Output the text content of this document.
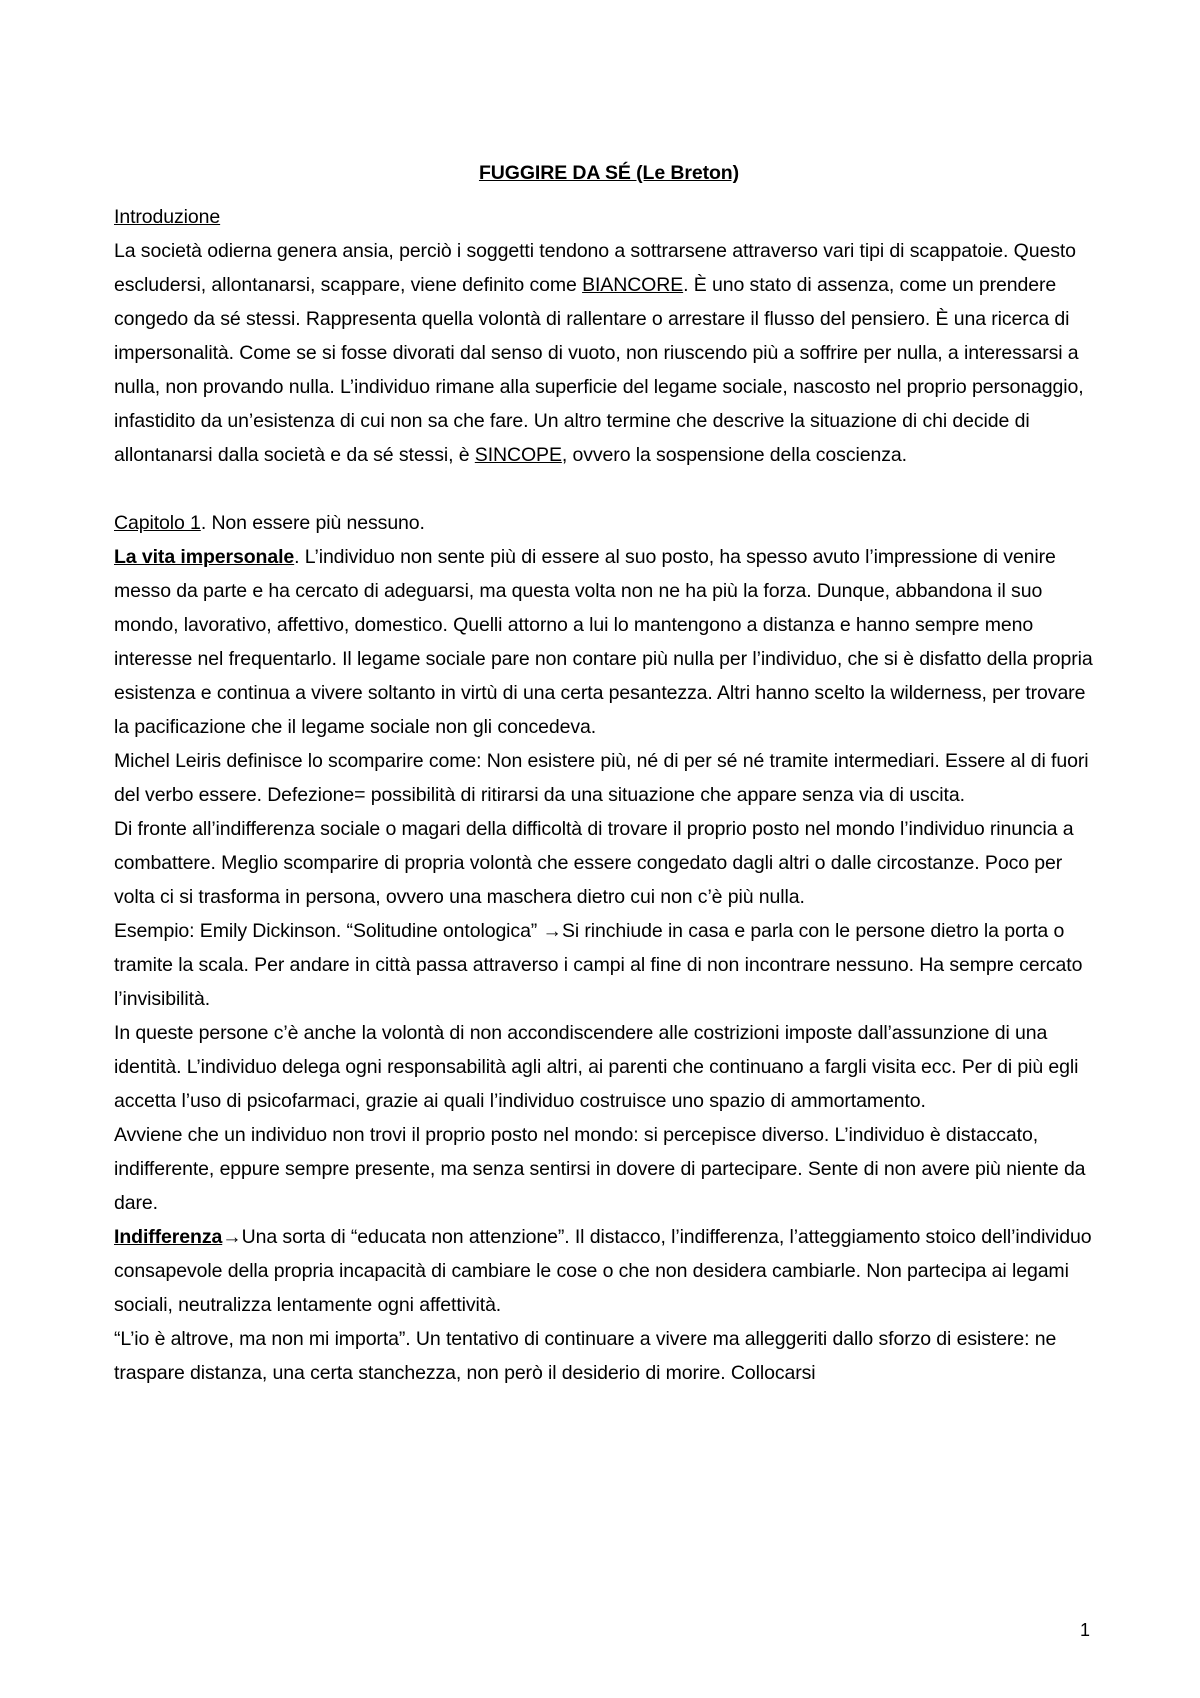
FUGGIRE DA SÉ (Le Breton)

Introduzione

La società odierna genera ansia, perciò i soggetti tendono a sottrarsene attraverso vari tipi di scappatoie. Questo escludersi, allontanarsi, scappare, viene definito come BIANCORE. È uno stato di assenza, come un prendere congedo da sé stessi. Rappresenta quella volontà di rallentare o arrestare il flusso del pensiero. È una ricerca di impersonalità. Come se si fosse divorati dal senso di vuoto, non riuscendo più a soffrire per nulla, a interessarsi a nulla, non provando nulla. L’individuo rimane alla superficie del legame sociale, nascosto nel proprio personaggio, infastidito da un’esistenza di cui non sa che fare. Un altro termine che descrive la situazione di chi decide di allontanarsi dalla società e da sé stessi, è SINCOPE, ovvero la sospensione della coscienza.

Capitolo 1. Non essere più nessuno.

La vita impersonale. L’individuo non sente più di essere al suo posto, ha spesso avuto l’impressione di venire messo da parte e ha cercato di adeguarsi, ma questa volta non ne ha più la forza. Dunque, abbandona il suo mondo, lavorativo, affettivo, domestico. Quelli attorno a lui lo mantengono a distanza e hanno sempre meno interesse nel frequentarlo. Il legame sociale pare non contare più nulla per l’individuo, che si è disfatto della propria esistenza e continua a vivere soltanto in virtù di una certa pesantezza. Altri hanno scelto la wilderness, per trovare la pacificazione che il legame sociale non gli concedeva.

Michel Leiris definisce lo scomparire come: Non esistere più, né di per sé né tramite intermediari. Essere al di fuori del verbo essere. Defezione= possibilità di ritirarsi da una situazione che appare senza via di uscita.

Di fronte all’indifferenza sociale o magari della difficoltà di trovare il proprio posto nel mondo l’individuo rinuncia a combattere. Meglio scomparire di propria volontà che essere congedato dagli altri o dalle circostanze. Poco per volta ci si trasforma in persona, ovvero una maschera dietro cui non c’è più nulla.

Esempio: Emily Dickinson. “Solitudine ontologica” →Si rinchiude in casa e parla con le persone dietro la porta o tramite la scala. Per andare in città passa attraverso i campi al fine di non incontrare nessuno. Ha sempre cercato l’invisibilità.

In queste persone c’è anche la volontà di non accondiscendere alle costrizioni imposte dall’assunzione di una identità. L’individuo delega ogni responsabilità agli altri, ai parenti che continuano a fargli visita ecc. Per di più egli accetta l’uso di psicofarmaci, grazie ai quali l’individuo costruisce uno spazio di ammortamento.

Avviene che un individuo non trovi il proprio posto nel mondo: si percepisce diverso. L’individuo è distaccato, indifferente, eppure sempre presente, ma senza sentirsi in dovere di partecipare. Sente di non avere più niente da dare.

Indifferenza→Una sorta di “educata non attenzione”. Il distacco, l’indifferenza, l’atteggiamento stoico dell’individuo consapevole della propria incapacità di cambiare le cose o che non desidera cambiarle. Non partecipa ai legami sociali, neutralizza lentamente ogni affettività.

“L’io è altrove, ma non mi importa”. Un tentativo di continuare a vivere ma alleggeriti dallo sforzo di esistere: ne traspare distanza, una certa stanchezza, non però il desiderio di morire. Collocarsi

1
